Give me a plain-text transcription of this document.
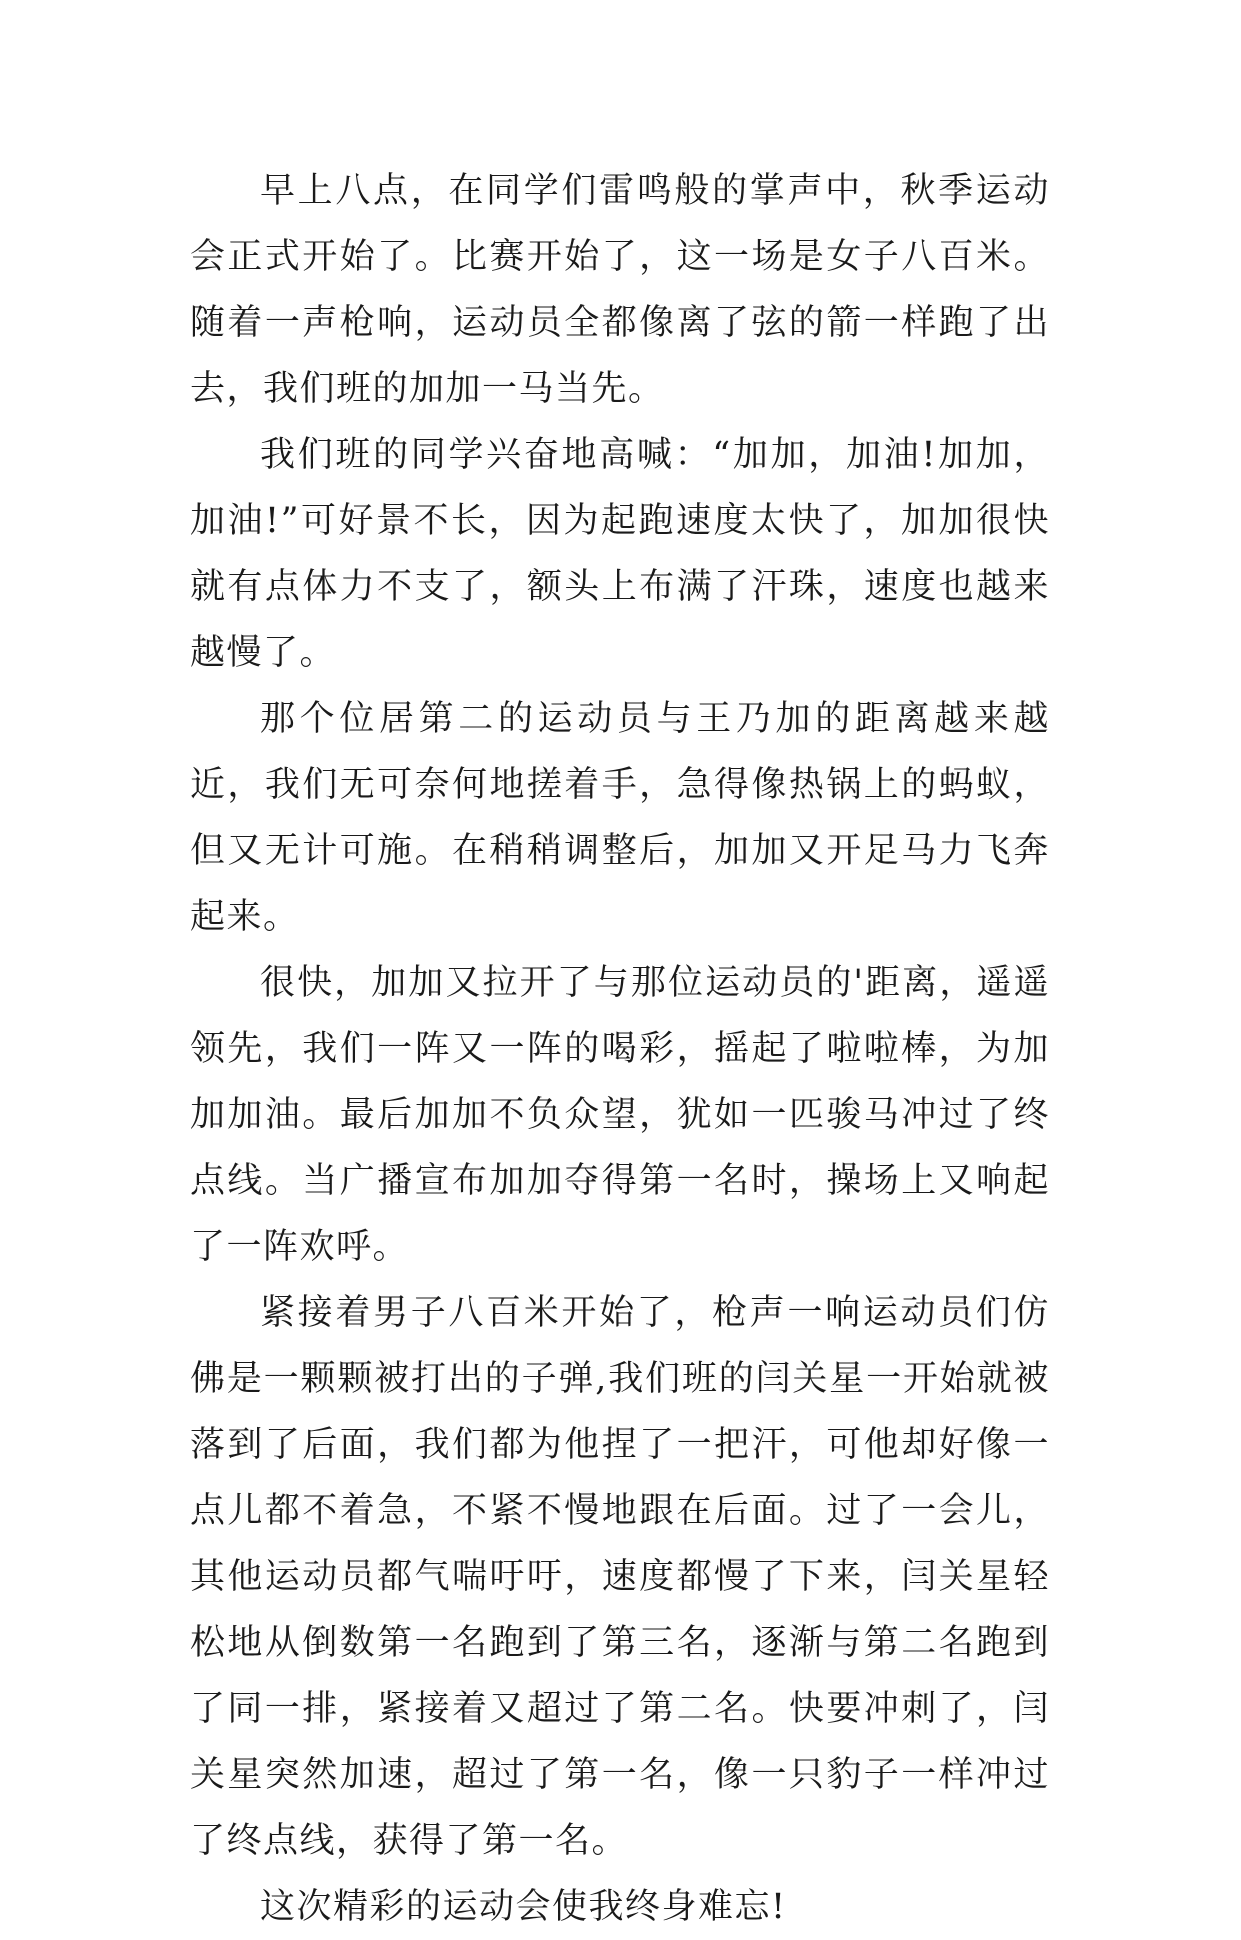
早上八点，在同学们雷鸣般的掌声中，秋季运动会正式开始了。比赛开始了，这一场是女子八百米。随着一声枪响，运动员全都像离了弦的箭一样跑了出去，我们班的加加一马当先。

我们班的同学兴奋地高喊：“加加，加油!加加，加油!”可好景不长，因为起跑速度太快了，加加很快就有点体力不支了，额头上布满了汗珠，速度也越来越慢了。

那个位居第二的运动员与王乃加的距离越来越近，我们无可奈何地搓着手，急得像热锅上的蚂蚁，但又无计可施。在稍稍调整后，加加又开足马力飞奔起来。

很快，加加又拉开了与那位运动员的'距离，遥遥领先，我们一阵又一阵的喝彩，摇起了啦啦棒，为加加加油。最后加加不负众望，犹如一匹骏马冲过了终点线。当广播宣布加加夺得第一名时，操场上又响起了一阵欢呼。

紧接着男子八百米开始了，枪声一响运动员们仿佛是一颗颗被打出的子弹,我们班的闫关星一开始就被落到了后面，我们都为他捏了一把汗，可他却好像一点儿都不着急，不紧不慢地跟在后面。过了一会儿，其他运动员都气喘吁吁，速度都慢了下来，闫关星轻松地从倒数第一名跑到了第三名，逐渐与第二名跑到了同一排，紧接着又超过了第二名。快要冲刺了，闫关星突然加速，超过了第一名，像一只豹子一样冲过了终点线，获得了第一名。

这次精彩的运动会使我终身难忘!
